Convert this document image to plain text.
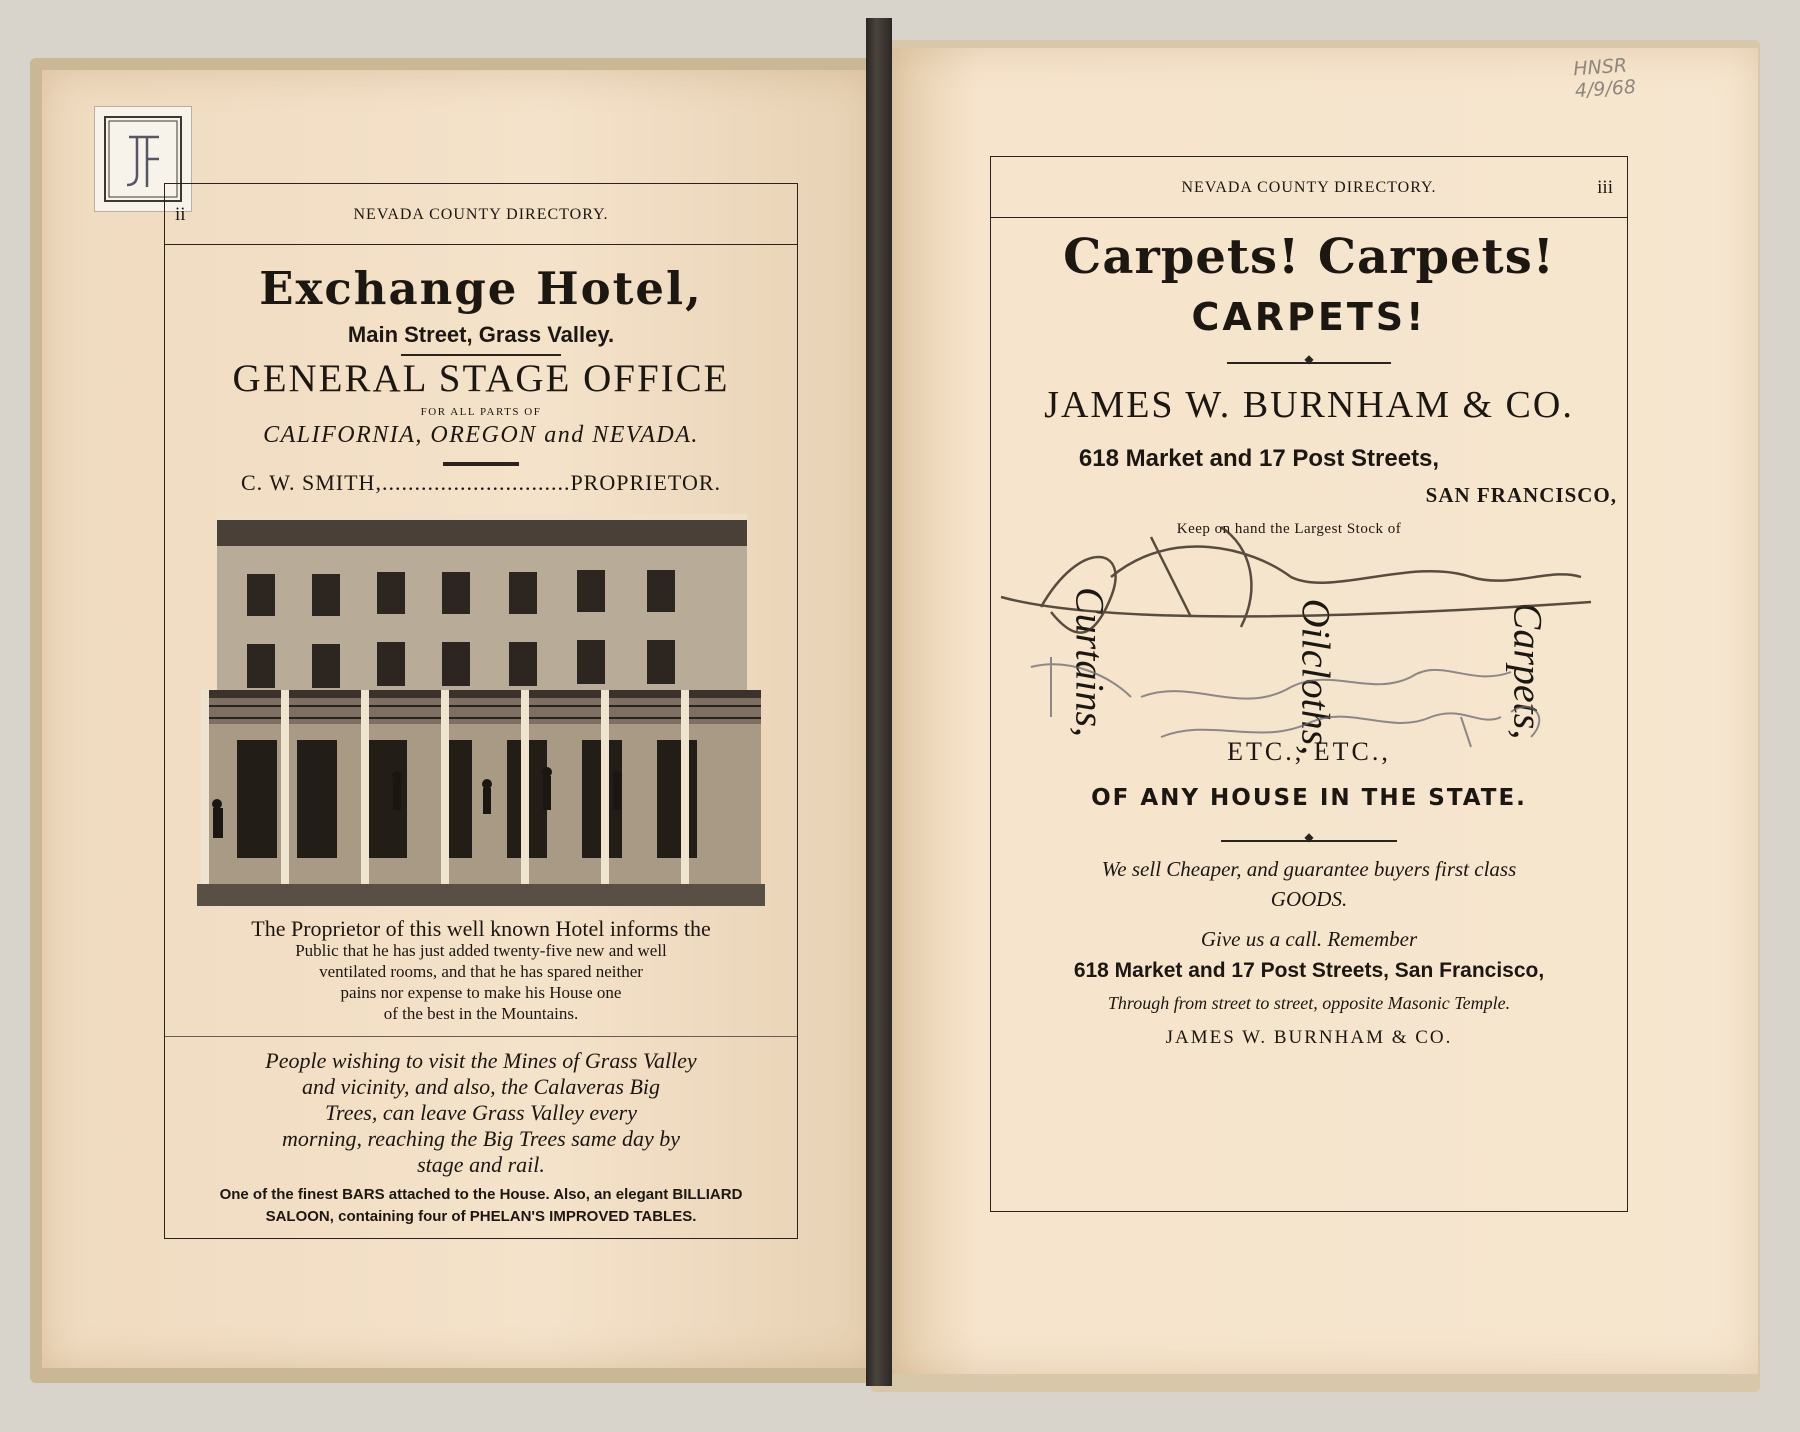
HNSR
4/9/68
ii	NEVADA COUNTY DIRECTORY.
Exchange Hotel,
Main Street, Grass Valley.
GENERAL STAGE OFFICE
FOR ALL PARTS OF
CALIFORNIA, OREGON and NEVADA.
C. W. SMITH,.............................PROPRIETOR.
The Proprietor of this well known Hotel informs the
Public that he has just added twenty-five new and well
ventilated rooms, and that he has spared neither
pains nor expense to make his House one
of the best in the Mountains.
People wishing to visit the Mines of Grass Valley
and vicinity, and also, the Calaveras Big
Trees, can leave Grass Valley every
morning, reaching the Big Trees same day by
stage and rail.
One of the finest BARS attached to the House. Also, an elegant BILLIARD
SALOON, containing four of PHELAN'S IMPROVED TABLES.
NEVADA COUNTY DIRECTORY.	iii
Carpets! Carpets!
CARPETS!
◆
JAMES W. BURNHAM & CO.
618 Market and 17 Post Streets,
SAN FRANCISCO,
Keep on hand the Largest Stock of
Curtains,	Oilcloths,	Carpets,
ETC., ETC.,
OF ANY HOUSE IN THE STATE.
◆
We sell Cheaper, and guarantee buyers first class
GOODS.
Give us a call. Remember
618 Market and 17 Post Streets, San Francisco,
Through from street to street, opposite Masonic Temple.
JAMES W. BURNHAM & CO.
